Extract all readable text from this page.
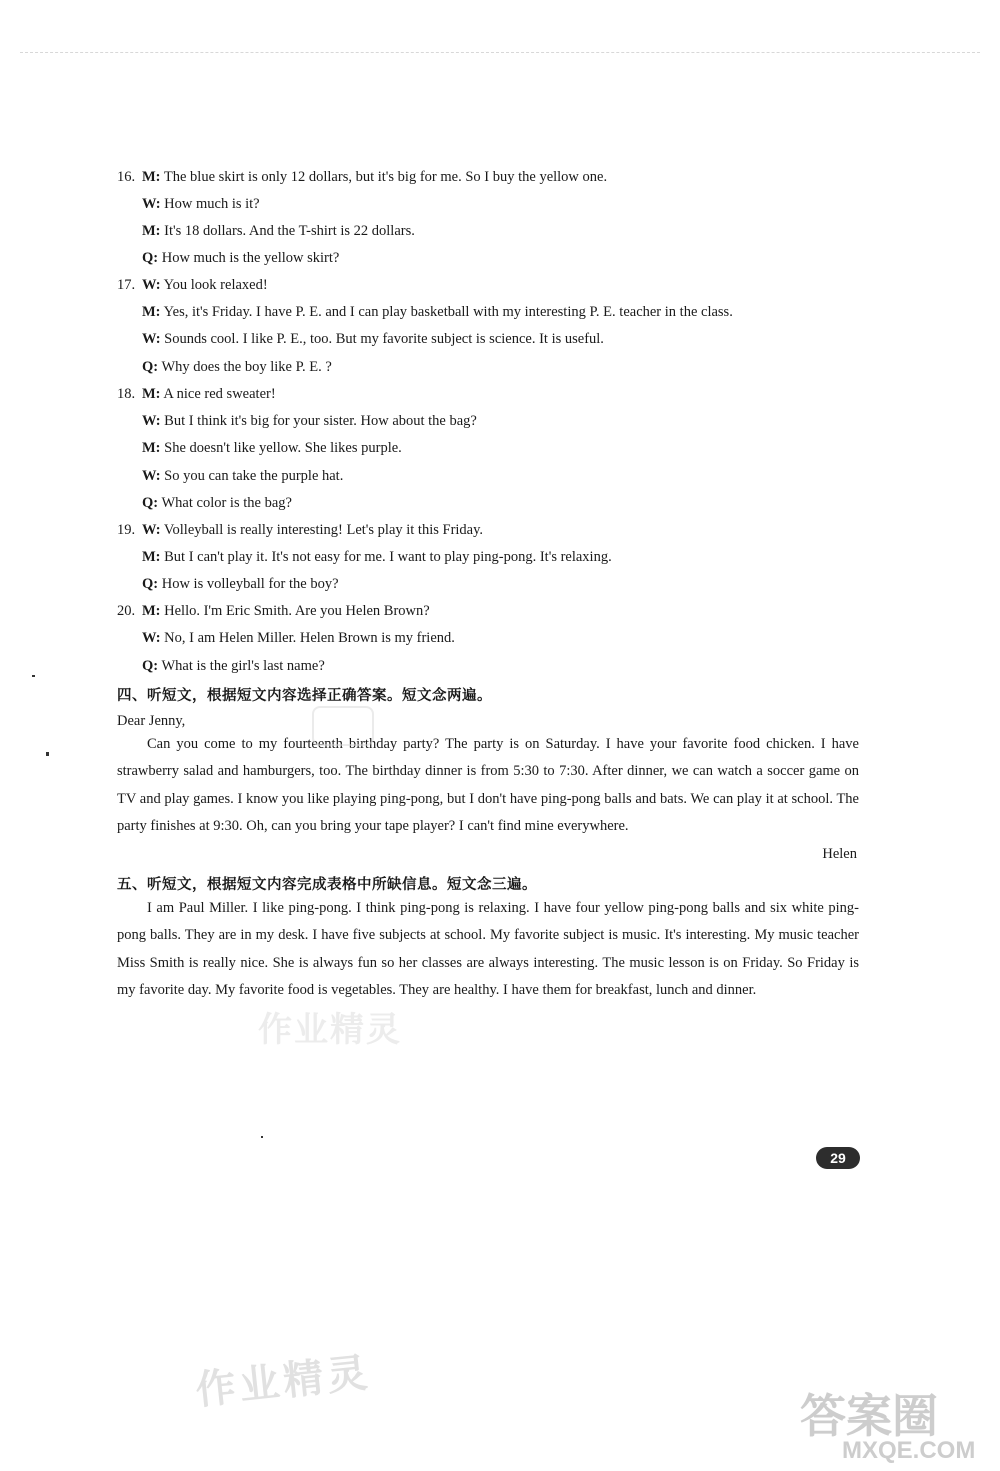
16. M: The blue skirt is only 12 dollars, but it's big for me. So I buy the yellow one.
W: How much is it?
M: It's 18 dollars. And the T-shirt is 22 dollars.
Q: How much is the yellow skirt?
17. W: You look relaxed!
M: Yes, it's Friday. I have P. E. and I can play basketball with my interesting P. E. teacher in the class.
W: Sounds cool. I like P. E., too. But my favorite subject is science. It is useful.
Q: Why does the boy like P. E. ?
18. M: A nice red sweater!
W: But I think it's big for your sister. How about the bag?
M: She doesn't like yellow. She likes purple.
W: So you can take the purple hat.
Q: What color is the bag?
19. W: Volleyball is really interesting! Let's play it this Friday.
M: But I can't play it. It's not easy for me. I want to play ping-pong. It's relaxing.
Q: How is volleyball for the boy?
20. M: Hello. I'm Eric Smith. Are you Helen Brown?
W: No, I am Helen Miller. Helen Brown is my friend.
Q: What is the girl's last name?
四、听短文，根据短文内容选择正确答案。短文念两遍。
Dear Jenny,
Can you come to my fourteenth birthday party? The party is on Saturday. I have your favorite food chicken. I have strawberry salad and hamburgers, too. The birthday dinner is from 5:30 to 7:30. After dinner, we can watch a soccer game on TV and play games. I know you like playing ping-pong, but I don't have ping-pong balls and bats. We can play it at school. The party finishes at 9:30. Oh, can you bring your tape player? I can't find mine everywhere.
Helen
五、听短文，根据短文内容完成表格中所缺信息。短文念三遍。
I am Paul Miller. I like ping-pong. I think ping-pong is relaxing. I have four yellow ping-pong balls and six white ping-pong balls. They are in my desk. I have five subjects at school. My favorite subject is music. It's interesting. My music teacher Miss Smith is really nice. She is always fun so her classes are always interesting. The music lesson is on Friday. So Friday is my favorite day. My favorite food is vegetables. They are healthy. I have them for breakfast, lunch and dinner.
29
作业精灵
作业精灵
答案圈
MXQE.COM
